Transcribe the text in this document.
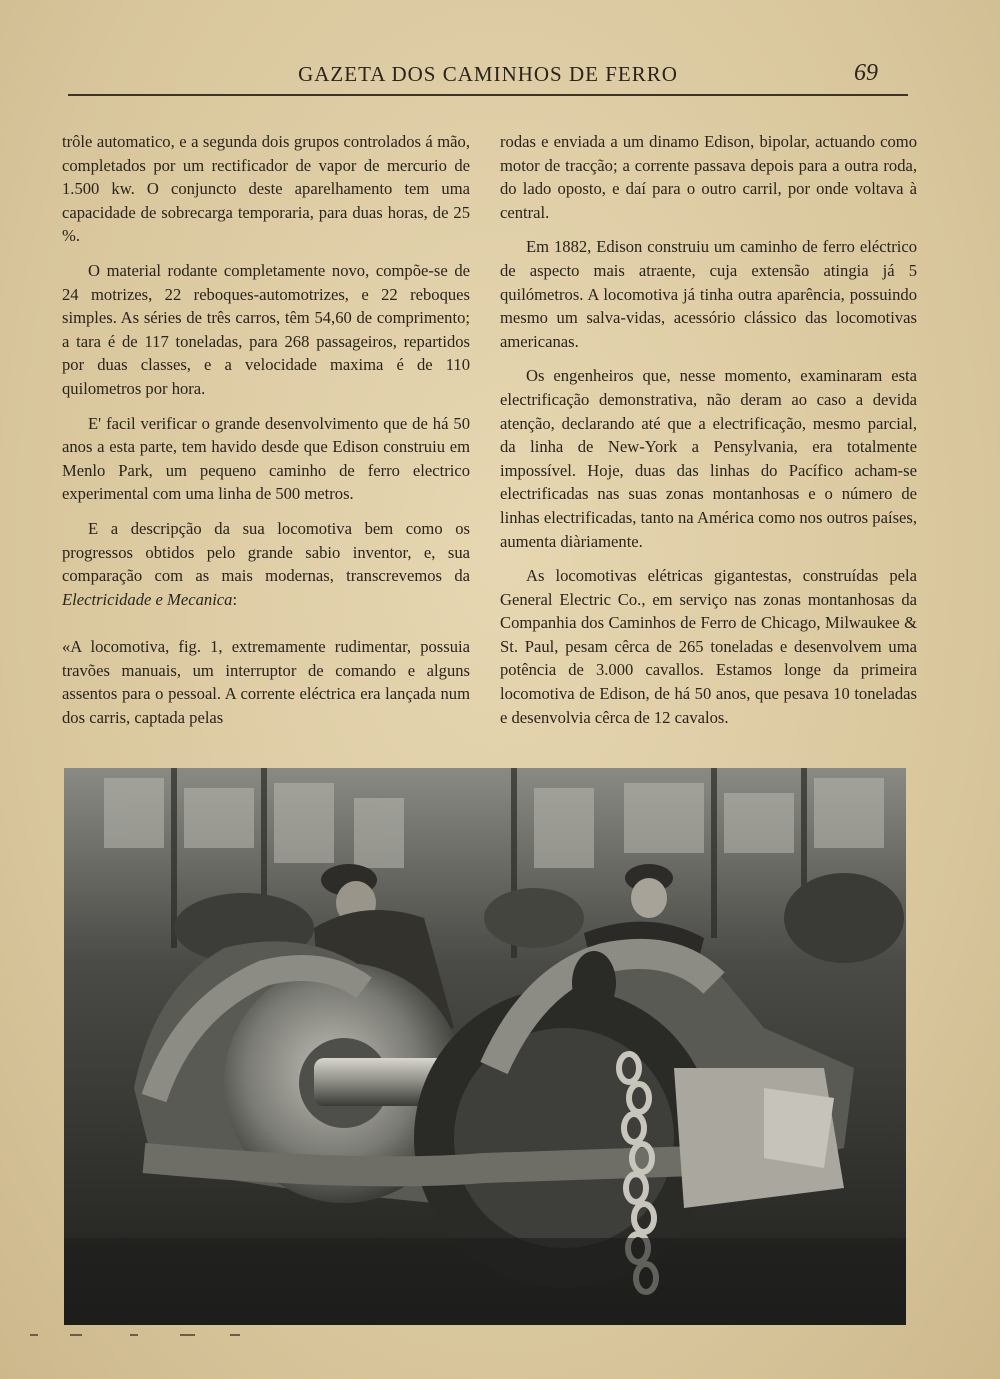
GAZETA DOS CAMINHOS DE FERRO	69

trôle automatico, e a segunda dois grupos controlados á mão, completados por um rectificador de vapor de mercurio de 1.500 kw. O conjuncto deste aparelhamento tem uma capacidade de sobrecarga temporaria, para duas horas, de 25 %.

O material rodante completamente novo, compõe-se de 24 motrizes, 22 reboques-automotrizes, e 22 reboques simples. As séries de três carros, têm 54,60 de comprimento; a tara é de 117 toneladas, para 268 passageiros, repartidos por duas classes, e a velocidade maxima é de 110 quilometros por hora.

E' facil verificar o grande desenvolvimento que de há 50 anos a esta parte, tem havido desde que Edison construiu em Menlo Park, um pequeno caminho de ferro electrico experimental com uma linha de 500 metros.

E a descripção da sua locomotiva bem como os progressos obtidos pelo grande sabio inventor, e, sua comparação com as mais modernas, transcrevemos da Electricidade e Mecanica:

«A locomotiva, fig. 1, extremamente rudimentar, possuia travões manuais, um interruptor de comando e alguns assentos para o pessoal. A corrente eléctrica era lançada num dos carris, captada pelas

rodas e enviada a um dinamo Edison, bipolar, actuando como motor de tracção; a corrente passava depois para a outra roda, do lado oposto, e daí para o outro carril, por onde voltava à central.

Em 1882, Edison construiu um caminho de ferro eléctrico de aspecto mais atraente, cuja extensão atingia já 5 quilómetros. A locomotiva já tinha outra aparência, possuindo mesmo um salva-vidas, acessório clássico das locomotivas americanas.

Os engenheiros que, nesse momento, examinaram esta electrificação demonstrativa, não deram ao caso a devida atenção, declarando até que a electrificação, mesmo parcial, da linha de New-York a Pensylvania, era totalmente impossível. Hoje, duas das linhas do Pacífico acham-se electrificadas nas suas zonas montanhosas e o número de linhas electrificadas, tanto na América como nos outros países, aumenta diàriamente.

As locomotivas elétricas gigantestas, construídas pela General Electric Co., em serviço nas zonas montanhosas da Companhia dos Caminhos de Ferro de Chicago, Milwaukee & St. Paul, pesam cêrca de 265 toneladas e desenvolvem uma potência de 3.000 cavallos. Estamos longe da primeira locomotiva de Edison, de há 50 anos, que pesava 10 toneladas e desenvolvia cêrca de 12 cavalos.
